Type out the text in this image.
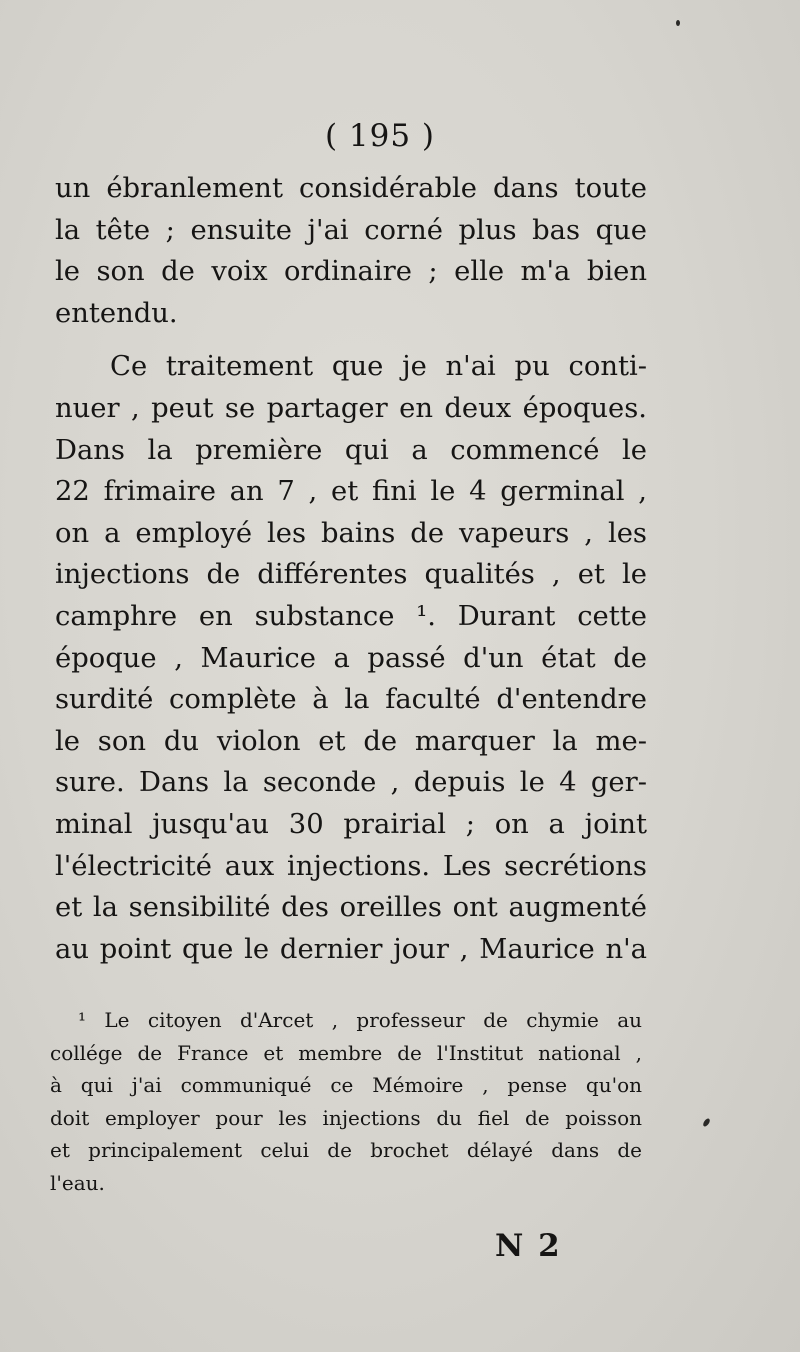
( 195 )
un ébranlement considérable dans toute
la tête ; ensuite j'ai corné plus bas que
le son de voix ordinaire ; elle m'a bien
entendu.
Ce traitement que je n'ai pu conti-
nuer , peut se partager en deux époques.
Dans la première qui a commencé le
22 frimaire an 7 , et fini le 4 germinal ,
on a employé les bains de vapeurs , les
injections de différentes qualités , et le
camphre en substance ¹. Durant cette
époque , Maurice a passé d'un état de
surdité complète à la faculté d'entendre
le son du violon et de marquer la me-
sure. Dans la seconde , depuis le 4 ger-
minal jusqu'au 30 prairial ; on a joint
l'électricité aux injections. Les secrétions
et la sensibilité des oreilles ont augmenté
au point que le dernier jour , Maurice n'a
¹ Le citoyen d'Arcet , professeur de chymie au
collége de France et membre de l'Institut national ,
à qui j'ai communiqué ce Mémoire , pense qu'on
doit employer pour les injections du fiel de poisson
et principalement celui de brochet délayé dans de
l'eau.
N 2
